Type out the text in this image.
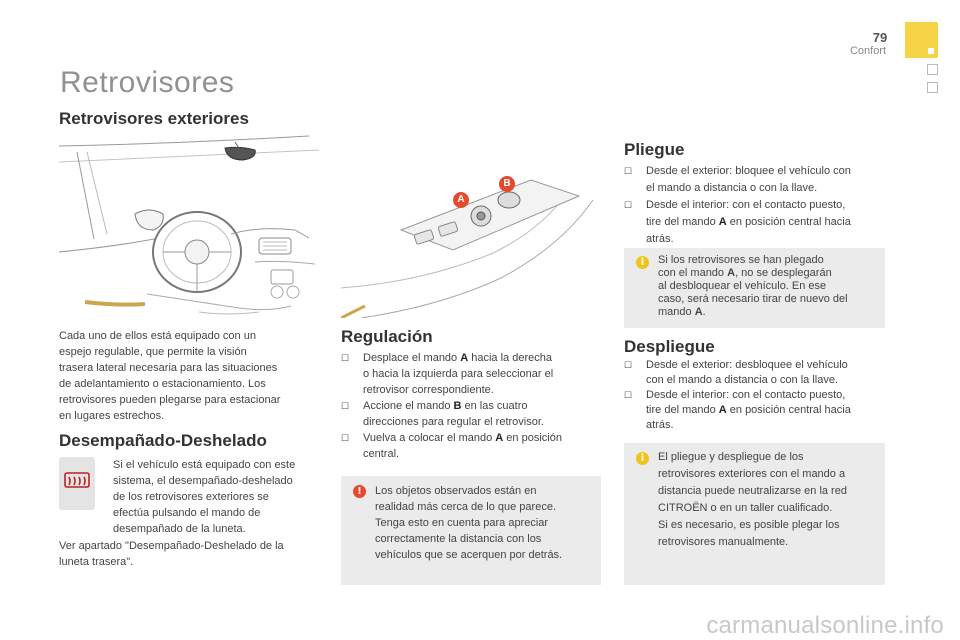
79
Confort
Retrovisores
Retrovisores exteriores
Cada uno de ellos está equipado con un
espejo regulable, que permite la visión
trasera lateral necesaria para las situaciones
de adelantamiento o estacionamiento. Los
retrovisores pueden plegarse para estacionar
en lugares estrechos.
Desempañado-Deshelado
Si el vehículo está equipado con este
sistema, el desempañado-deshelado
de los retrovisores exteriores se
efectúa pulsando el mando de
desempañado de la luneta.
Ver apartado "Desempañado-Deshelado de la
luneta trasera".
A
B
Regulación
☐	Desplace el mando A hacia la derecha
o hacia la izquierda para seleccionar el
retrovisor correspondiente.
☐	Accione el mando B en las cuatro
direcciones para regular el retrovisor.
☐	Vuelva a colocar el mando A en posición
central.
!	Los objetos observados están en
realidad más cerca de lo que parece.
Tenga esto en cuenta para apreciar
correctamente la distancia con los
vehículos que se acerquen por detrás.
Pliegue
☐	Desde el exterior: bloquee el vehículo con
el mando a distancia o con la llave.
☐	Desde el interior: con el contacto puesto,
tire del mando A en posición central hacia
atrás.
i	Si los retrovisores se han plegado
con el mando A, no se desplegarán
al desbloquear el vehículo. En ese
caso, será necesario tirar de nuevo del
mando A.
Despliegue
☐	Desde el exterior: desbloquee el vehículo
con el mando a distancia o con la llave.
☐	Desde el interior: con el contacto puesto,
tire del mando A en posición central hacia
atrás.
i	El pliegue y despliegue de los
retrovisores exteriores con el mando a
distancia puede neutralizarse en la red
CITROËN o en un taller cualificado.
Si es necesario, es posible plegar los
retrovisores manualmente.
carmanualsonline.info
